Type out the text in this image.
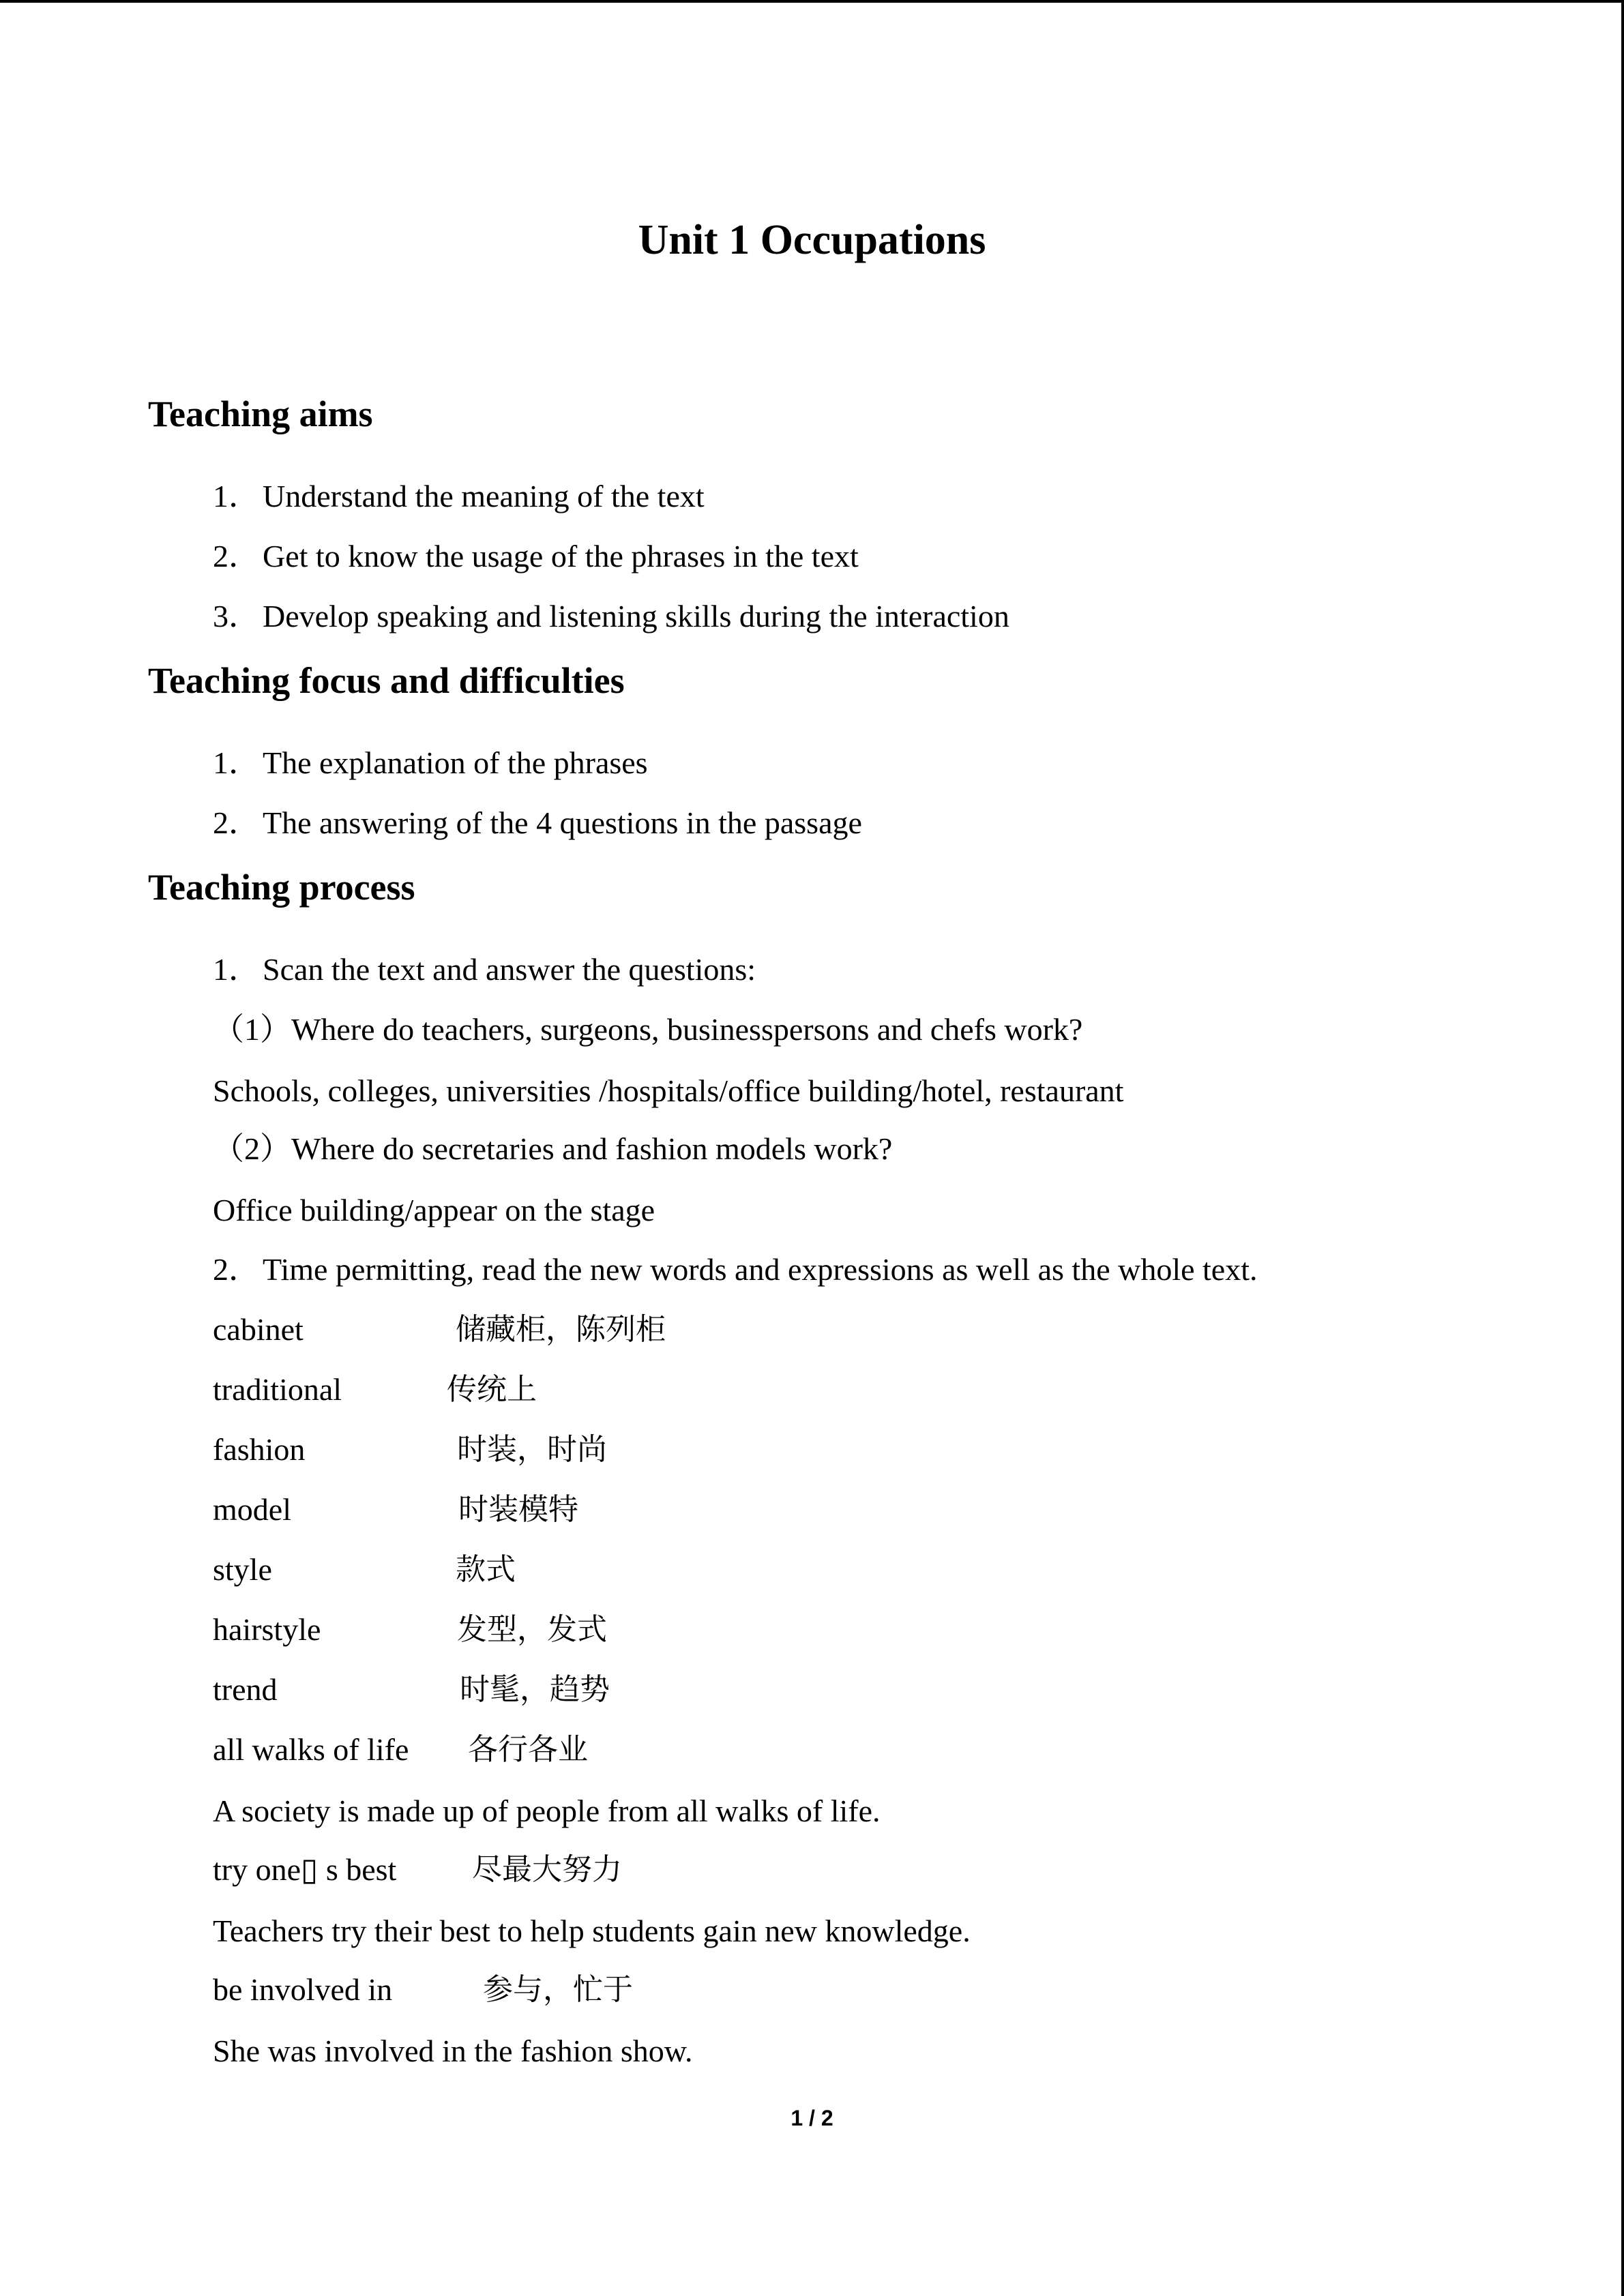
Unit 1 Occupations
Teaching aims
1．Understand the meaning of the text
2．Get to know the usage of the phrases in the text
3．Develop speaking and listening skills during the interaction
Teaching focus and difficulties
1．The explanation of the phrases
2．The answering of the 4 questions in the passage
Teaching process
1．Scan the text and answer the questions:
（1）Where do teachers, surgeons, businesspersons and chefs work?
Schools, colleges, universities /hospitals/office building/hotel, restaurant
（2）Where do secretaries and fashion models work?
Office building/appear on the stage
2．Time permitting, read the new words and expressions as well as the whole text.
cabinet	储藏柜，陈列柜
traditional	传统上
fashion	时装，时尚
model	时装模特
style	款式
hairstyle	发型，发式
trend	时髦，趋势
all walks of life 各行各业
A society is made up of people from all walks of life.
try one▯ s best	尽最大努力
Teachers try their best to help students gain new knowledge.
be involved in	参与，忙于
She was involved in the fashion show.
1 / 2
